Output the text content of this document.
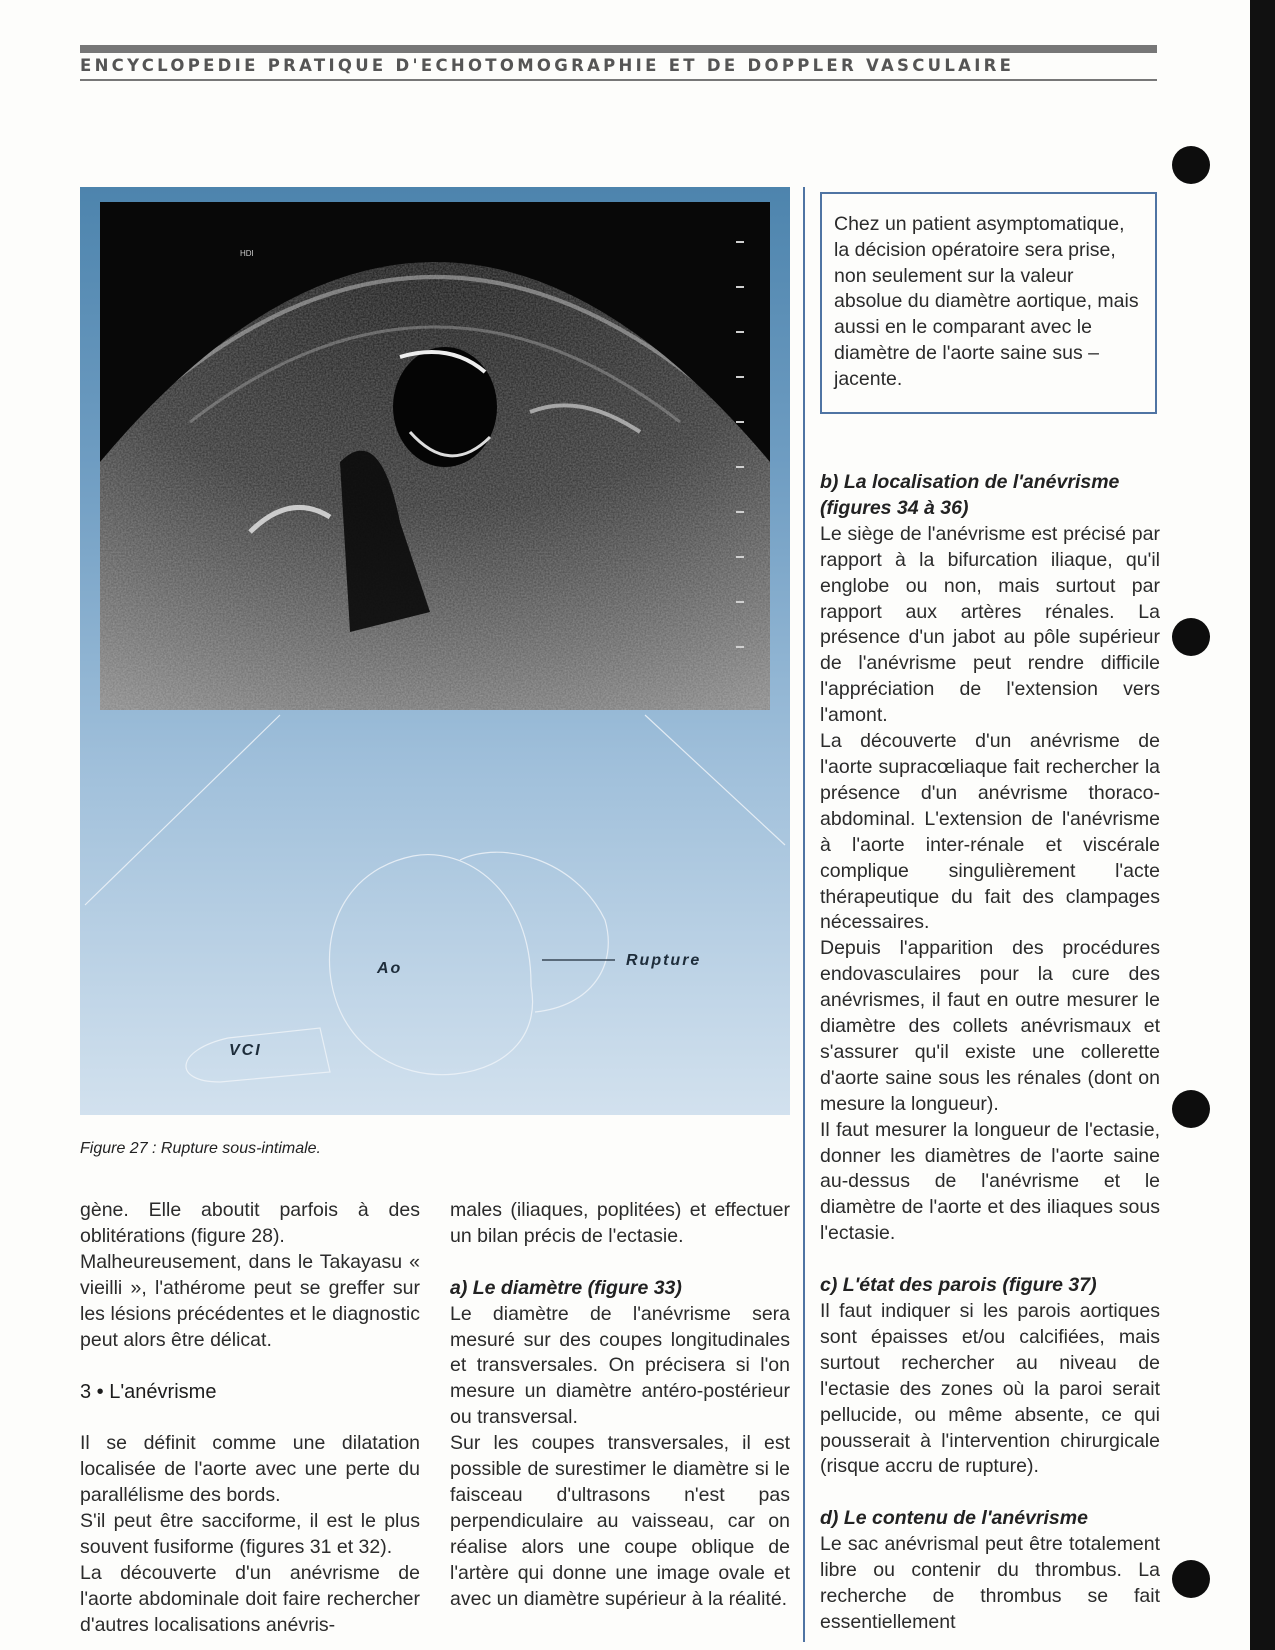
ENCYCLOPEDIE PRATIQUE D'ECHOTOMOGRAPHIE ET DE DOPPLER VASCULAIRE
HDI
VCI
Ao	Rupture
Figure 27 : Rupture sous-intimale.
Chez un patient asymptomatique, la décision opératoire sera prise, non seulement sur la valeur absolue du diamètre aortique, mais aussi en le comparant avec le diamètre de l'aorte saine sus – jacente.

gène. Elle aboutit parfois à des oblitérations (figure 28).

Malheureusement, dans le Takayasu « vieilli », l'athérome peut se greffer sur les lésions précédentes et le diagnostic peut alors être délicat.

3 • L'anévrisme

Il se définit comme une dilatation localisée de l'aorte avec une perte du parallélisme des bords.

S'il peut être sacciforme, il est le plus souvent fusiforme (figures 31 et 32).

La découverte d'un anévrisme de l'aorte abdominale doit faire rechercher d'autres localisations anévris-

males (iliaques, poplitées) et effectuer un bilan précis de l'ectasie.

a) Le diamètre (figure 33)

Le diamètre de l'anévrisme sera mesuré sur des coupes longitudinales et transversales. On précisera si l'on mesure un diamètre antéro-postérieur ou transversal.

Sur les coupes transversales, il est possible de surestimer le diamètre si le faisceau d'ultrasons n'est pas perpendiculaire au vaisseau, car on réalise alors une coupe oblique de l'artère qui donne une image ovale et avec un diamètre supérieur à la réalité.

b) La localisation de l'anévrisme (figures 34 à 36)

Le siège de l'anévrisme est précisé par rapport à la bifurcation iliaque, qu'il englobe ou non, mais surtout par rapport aux artères rénales. La présence d'un jabot au pôle supérieur de l'anévrisme peut rendre difficile l'appréciation de l'extension vers l'amont.

La découverte d'un anévrisme de l'aorte supracœliaque fait rechercher la présence d'un anévrisme thoraco-abdominal. L'extension de l'anévrisme à l'aorte inter-rénale et viscérale complique singulièrement l'acte thérapeutique du fait des clampages nécessaires.

Depuis l'apparition des procédures endovasculaires pour la cure des anévrismes, il faut en outre mesurer le diamètre des collets anévrismaux et s'assurer qu'il existe une collerette d'aorte saine sous les rénales (dont on mesure la longueur).

Il faut mesurer la longueur de l'ectasie, donner les diamètres de l'aorte saine au-dessus de l'anévrisme et le diamètre de l'aorte et des iliaques sous l'ectasie.

c) L'état des parois (figure 37)

Il faut indiquer si les parois aortiques sont épaisses et/ou calcifiées, mais surtout rechercher au niveau de l'ectasie des zones où la paroi serait pellucide, ou même absente, ce qui pousserait à l'intervention chirurgicale (risque accru de rupture).

d) Le contenu de l'anévrisme

Le sac anévrismal peut être totalement libre ou contenir du thrombus. La recherche de thrombus se fait essentiellement
